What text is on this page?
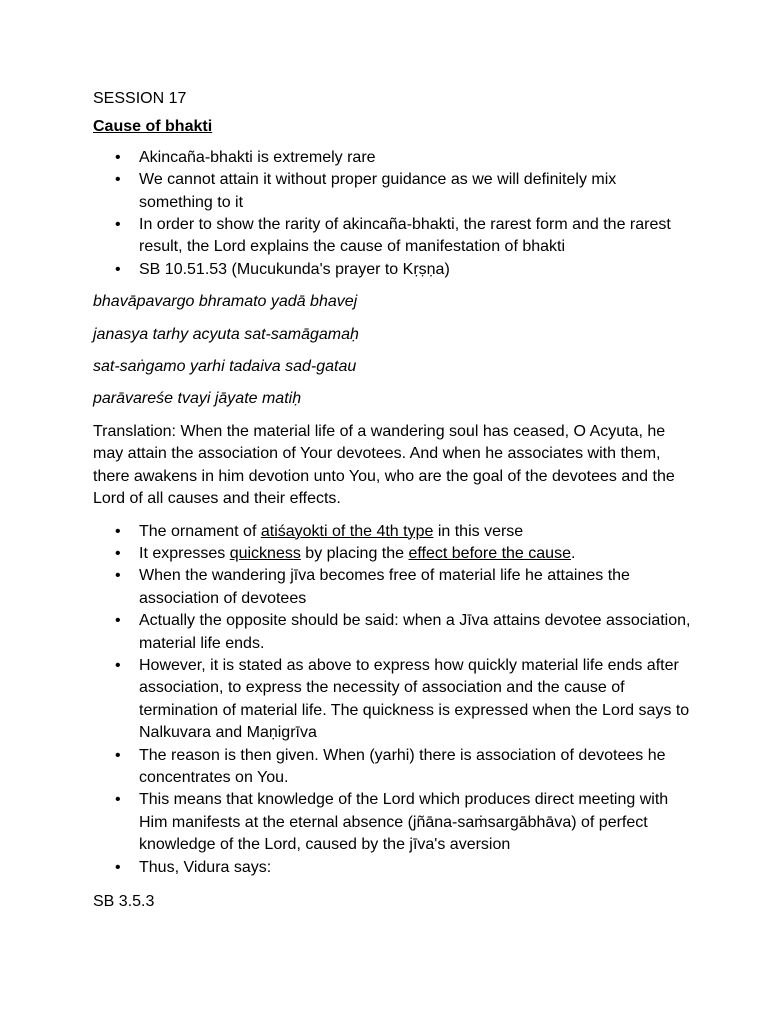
SESSION 17

Cause of bhakti

• Akincaña-bhakti is extremely rare
• We cannot attain it without proper guidance as we will definitely mix something to it
• In order to show the rarity of akincaña-bhakti, the rarest form and the rarest result, the Lord explains the cause of manifestation of bhakti
• SB 10.51.53 (Mucukunda's prayer to Kṛṣṇa)

bhavāpavargo bhramato yadā bhavej

janasya tarhy acyuta sat-samāgamaḥ

sat-saṅgamo yarhi tadaiva sad-gatau

parāvareśe tvayi jāyate matiḥ

Translation: When the material life of a wandering soul has ceased, O Acyuta, he may attain the association of Your devotees. And when he associates with them, there awakens in him devotion unto You, who are the goal of the devotees and the Lord of all causes and their effects.

• The ornament of atiśayokti of the 4th type in this verse
• It expresses quickness by placing the effect before the cause.
• When the wandering jīva becomes free of material life he attaines the association of devotees
• Actually the opposite should be said: when a Jīva attains devotee association, material life ends.
• However, it is stated as above to express how quickly material life ends after association, to express the necessity of association and the cause of termination of material life. The quickness is expressed when the Lord says to Nalkuvara and Maṇigrīva
• The reason is then given. When (yarhi) there is association of devotees he concentrates on You.
• This means that knowledge of the Lord which produces direct meeting with Him manifests at the eternal absence (jñāna-saṁsargābhāva) of perfect knowledge of the Lord, caused by the jīva's aversion
• Thus, Vidura says:

SB 3.5.3
